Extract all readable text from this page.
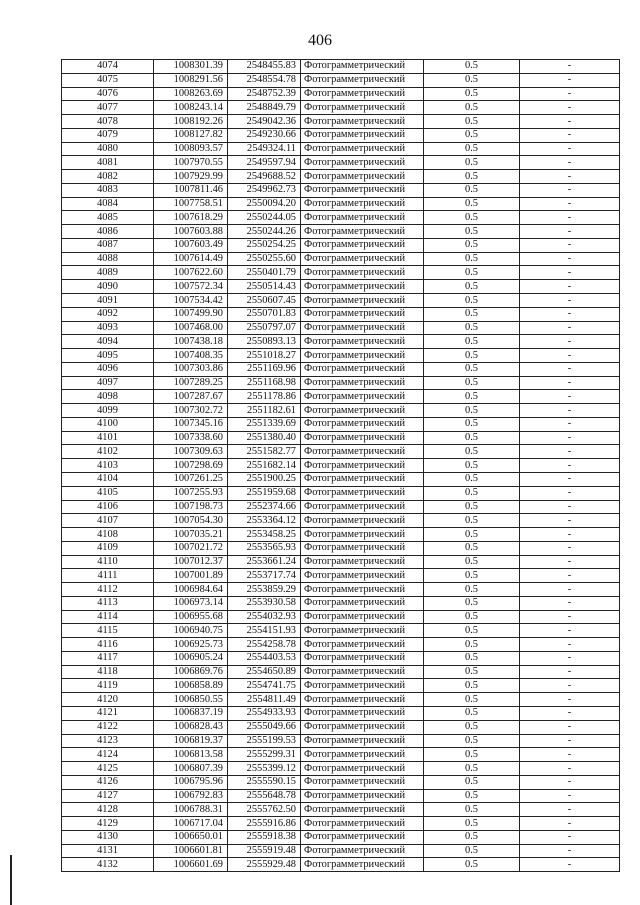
406
4074	1008301.39	2548455.83	Фотограмметрический	0.5	-
4075	1008291.56	2548554.78	Фотограмметрический	0.5	-
4076	1008263.69	2548752.39	Фотограмметрический	0.5	-
4077	1008243.14	2548849.79	Фотограмметрический	0.5	-
4078	1008192.26	2549042.36	Фотограмметрический	0.5	-
4079	1008127.82	2549230.66	Фотограмметрический	0.5	-
4080	1008093.57	2549324.11	Фотограмметрический	0.5	-
4081	1007970.55	2549597.94	Фотограмметрический	0.5	-
4082	1007929.99	2549688.52	Фотограмметрический	0.5	-
4083	1007811.46	2549962.73	Фотограмметрический	0.5	-
4084	1007758.51	2550094.20	Фотограмметрический	0.5	-
4085	1007618.29	2550244.05	Фотограмметрический	0.5	-
4086	1007603.88	2550244.26	Фотограмметрический	0.5	-
4087	1007603.49	2550254.25	Фотограмметрический	0.5	-
4088	1007614.49	2550255.60	Фотограмметрический	0.5	-
4089	1007622.60	2550401.79	Фотограмметрический	0.5	-
4090	1007572.34	2550514.43	Фотограмметрический	0.5	-
4091	1007534.42	2550607.45	Фотограмметрический	0.5	-
4092	1007499.90	2550701.83	Фотограмметрический	0.5	-
4093	1007468.00	2550797.07	Фотограмметрический	0.5	-
4094	1007438.18	2550893.13	Фотограмметрический	0.5	-
4095	1007408.35	2551018.27	Фотограмметрический	0.5	-
4096	1007303.86	2551169.96	Фотограмметрический	0.5	-
4097	1007289.25	2551168.98	Фотограмметрический	0.5	-
4098	1007287.67	2551178.86	Фотограмметрический	0.5	-
4099	1007302.72	2551182.61	Фотограмметрический	0.5	-
4100	1007345.16	2551339.69	Фотограмметрический	0.5	-
4101	1007338.60	2551380.40	Фотограмметрический	0.5	-
4102	1007309.63	2551582.77	Фотограмметрический	0.5	-
4103	1007298.69	2551682.14	Фотограмметрический	0.5	-
4104	1007261.25	2551900.25	Фотограмметрический	0.5	-
4105	1007255.93	2551959.68	Фотограмметрический	0.5	-
4106	1007198.73	2552374.66	Фотограмметрический	0.5	-
4107	1007054.30	2553364.12	Фотограмметрический	0.5	-
4108	1007035.21	2553458.25	Фотограмметрический	0.5	-
4109	1007021.72	2553565.93	Фотограмметрический	0.5	-
4110	1007012.37	2553661.24	Фотограмметрический	0.5	-
4111	1007001.89	2553717.74	Фотограмметрический	0.5	-
4112	1006984.64	2553859.29	Фотограмметрический	0.5	-
4113	1006973.14	2553930.58	Фотограмметрический	0.5	-
4114	1006955.68	2554032.93	Фотограмметрический	0.5	-
4115	1006940.75	2554151.93	Фотограмметрический	0.5	-
4116	1006925.73	2554258.78	Фотограмметрический	0.5	-
4117	1006905.24	2554403.53	Фотограмметрический	0.5	-
4118	1006869.76	2554650.89	Фотограмметрический	0.5	-
4119	1006858.89	2554741.75	Фотограмметрический	0.5	-
4120	1006850.55	2554811.49	Фотограмметрический	0.5	-
4121	1006837.19	2554933.93	Фотограмметрический	0.5	-
4122	1006828.43	2555049.66	Фотограмметрический	0.5	-
4123	1006819.37	2555199.53	Фотограмметрический	0.5	-
4124	1006813.58	2555299.31	Фотограмметрический	0.5	-
4125	1006807.39	2555399.12	Фотограмметрический	0.5	-
4126	1006795.96	2555590.15	Фотограмметрический	0.5	-
4127	1006792.83	2555648.78	Фотограмметрический	0.5	-
4128	1006788.31	2555762.50	Фотограмметрический	0.5	-
4129	1006717.04	2555916.86	Фотограмметрический	0.5	-
4130	1006650.01	2555918.38	Фотограмметрический	0.5	-
4131	1006601.81	2555919.48	Фотограмметрический	0.5	-
4132	1006601.69	2555929.48	Фотограмметрический	0.5	-
